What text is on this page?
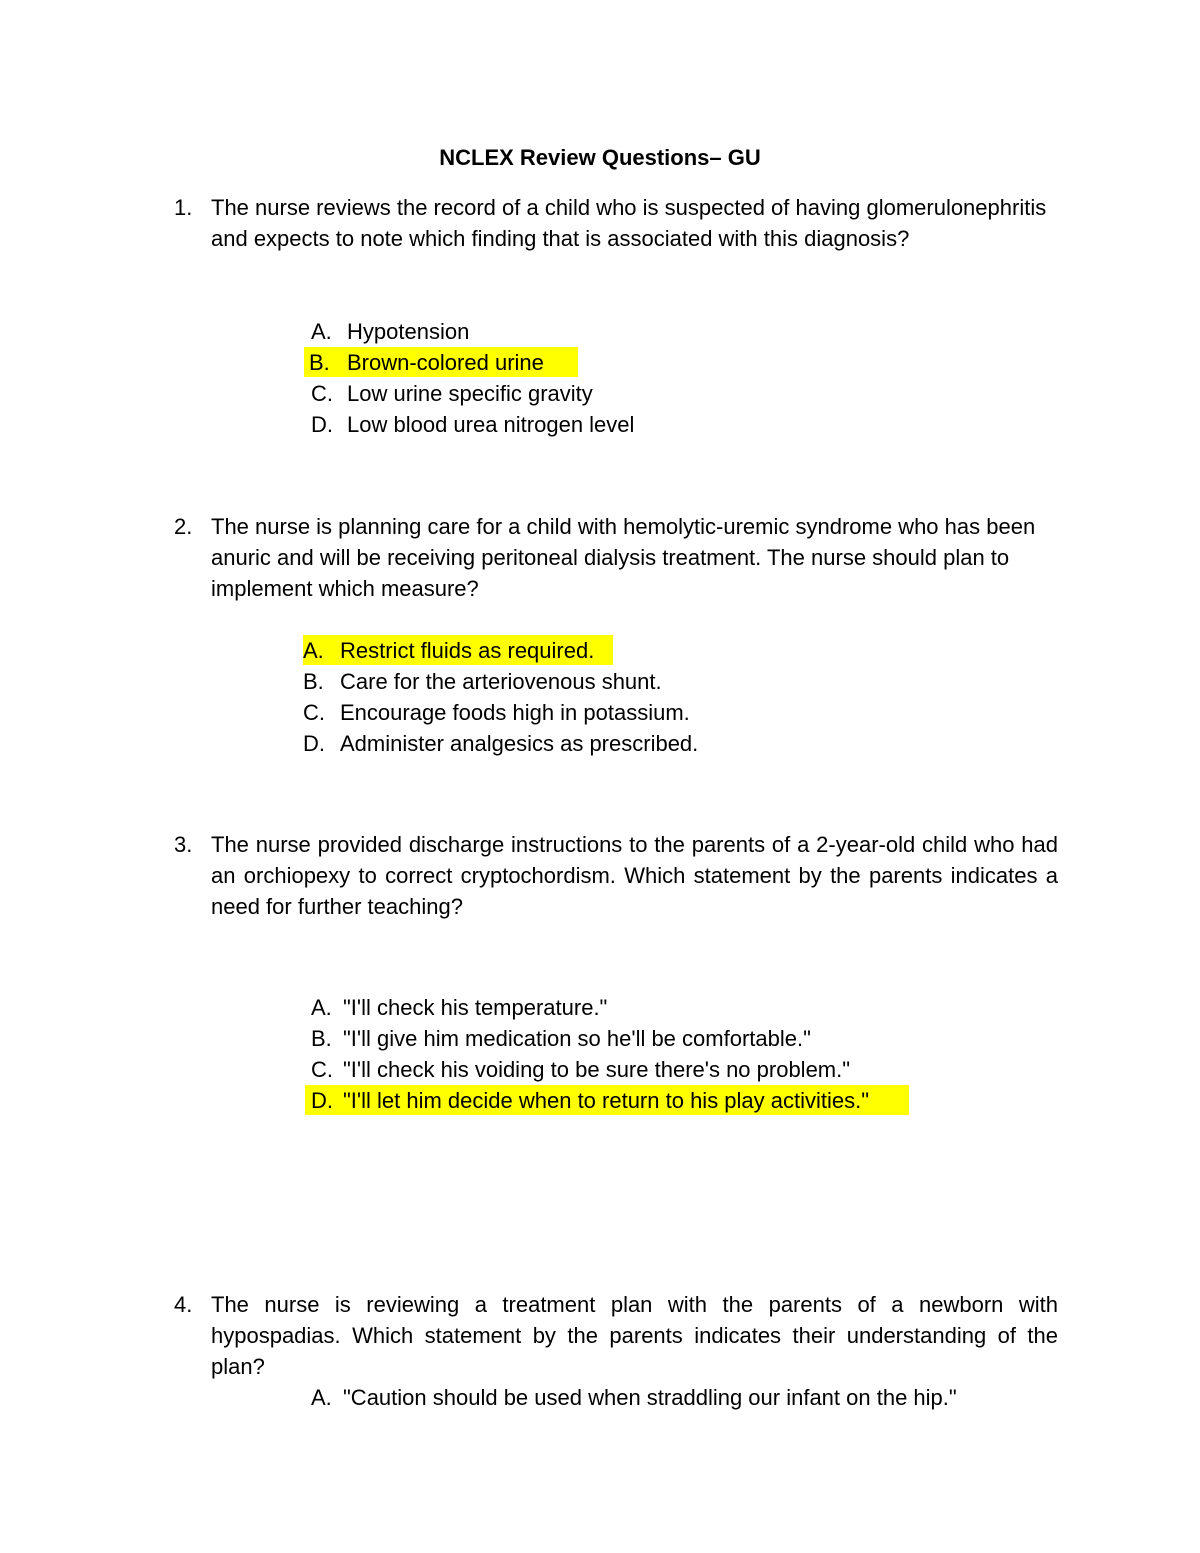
NCLEX Review Questions– GU
1. The nurse reviews the record of a child who is suspected of having glomerulonephritis and expects to note which finding that is associated with this diagnosis?
A. Hypotension
B. Brown-colored urine
C. Low urine specific gravity
D. Low blood urea nitrogen level
2. The nurse is planning care for a child with hemolytic-uremic syndrome who has been anuric and will be receiving peritoneal dialysis treatment. The nurse should plan to implement which measure?
A. Restrict fluids as required.
B. Care for the arteriovenous shunt.
C. Encourage foods high in potassium.
D. Administer analgesics as prescribed.
3. The nurse provided discharge instructions to the parents of a 2-year-old child who had an orchiopexy to correct cryptochordism. Which statement by the parents indicates a need for further teaching?
A. "I'll check his temperature."
B. "I'll give him medication so he'll be comfortable."
C. "I'll check his voiding to be sure there's no problem."
D. "I'll let him decide when to return to his play activities."
4. The nurse is reviewing a treatment plan with the parents of a newborn with hypospadias. Which statement by the parents indicates their understanding of the plan?
A. "Caution should be used when straddling our infant on the hip."
